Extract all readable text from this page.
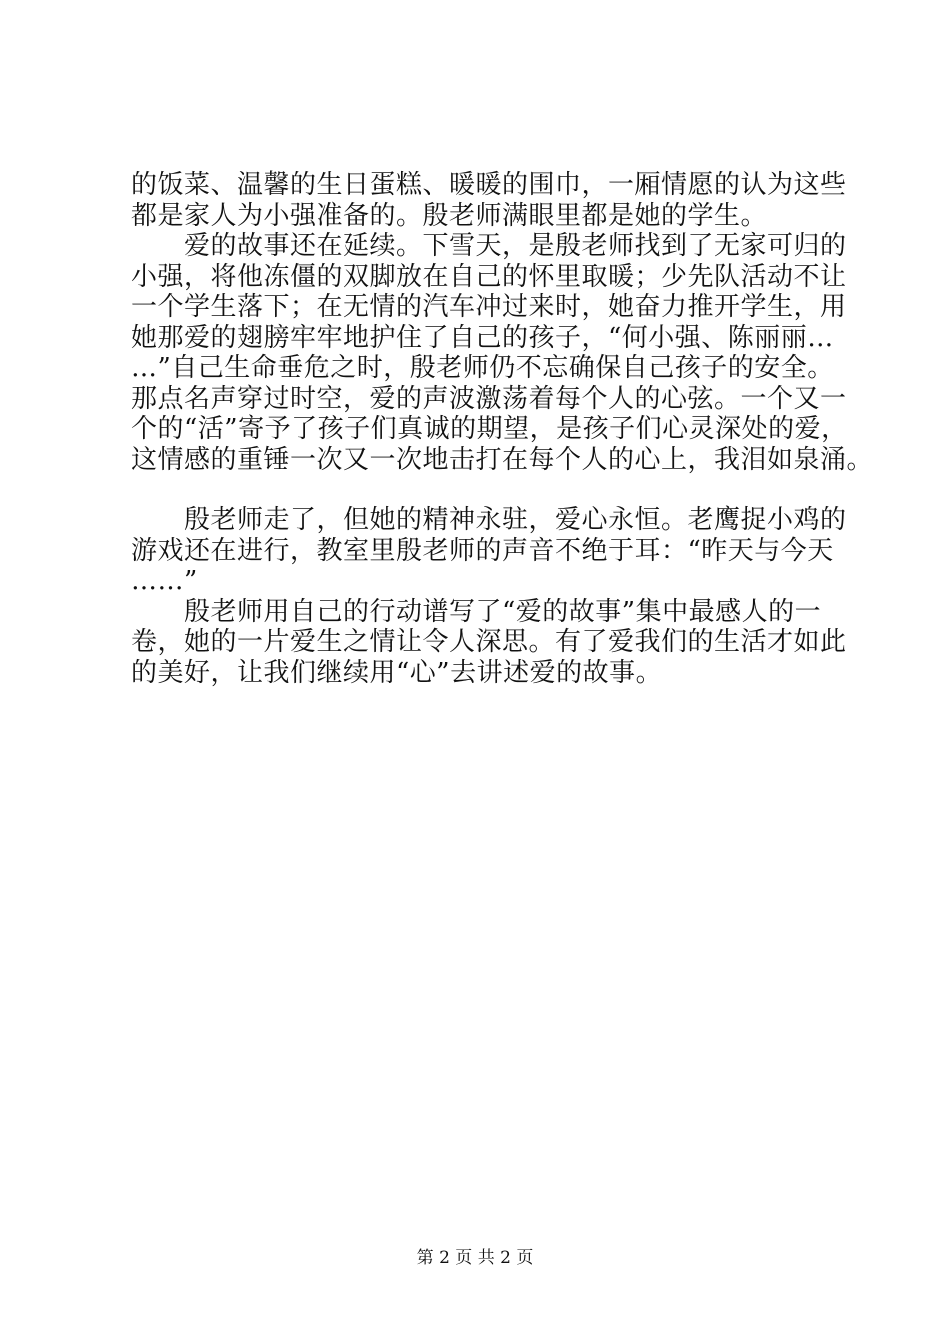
的饭菜、温馨的生日蛋糕、暖暖的围巾，一厢情愿的认为这些
都是家人为小强准备的。殷老师满眼里都是她的学生。
　　爱的故事还在延续。下雪天，是殷老师找到了无家可归的
小强，将他冻僵的双脚放在自己的怀里取暖；少先队活动不让
一个学生落下；在无情的汽车冲过来时，她奋力推开学生，用
她那爱的翅膀牢牢地护住了自己的孩子，“何小强、陈丽丽…
…”自己生命垂危之时，殷老师仍不忘确保自己孩子的安全。
那点名声穿过时空，爱的声波激荡着每个人的心弦。一个又一
个的“活”寄予了孩子们真诚的期望，是孩子们心灵深处的爱，
这情感的重锤一次又一次地击打在每个人的心上，我泪如泉涌。
　　殷老师走了，但她的精神永驻，爱心永恒。老鹰捉小鸡的
游戏还在进行，教室里殷老师的声音不绝于耳：“昨天与今天
……”
　　殷老师用自己的行动谱写了“爱的故事”集中最感人的一
卷，她的一片爱生之情让令人深思。有了爱我们的生活才如此
的美好，让我们继续用“心”去讲述爱的故事。
第 2 页 共 2 页
